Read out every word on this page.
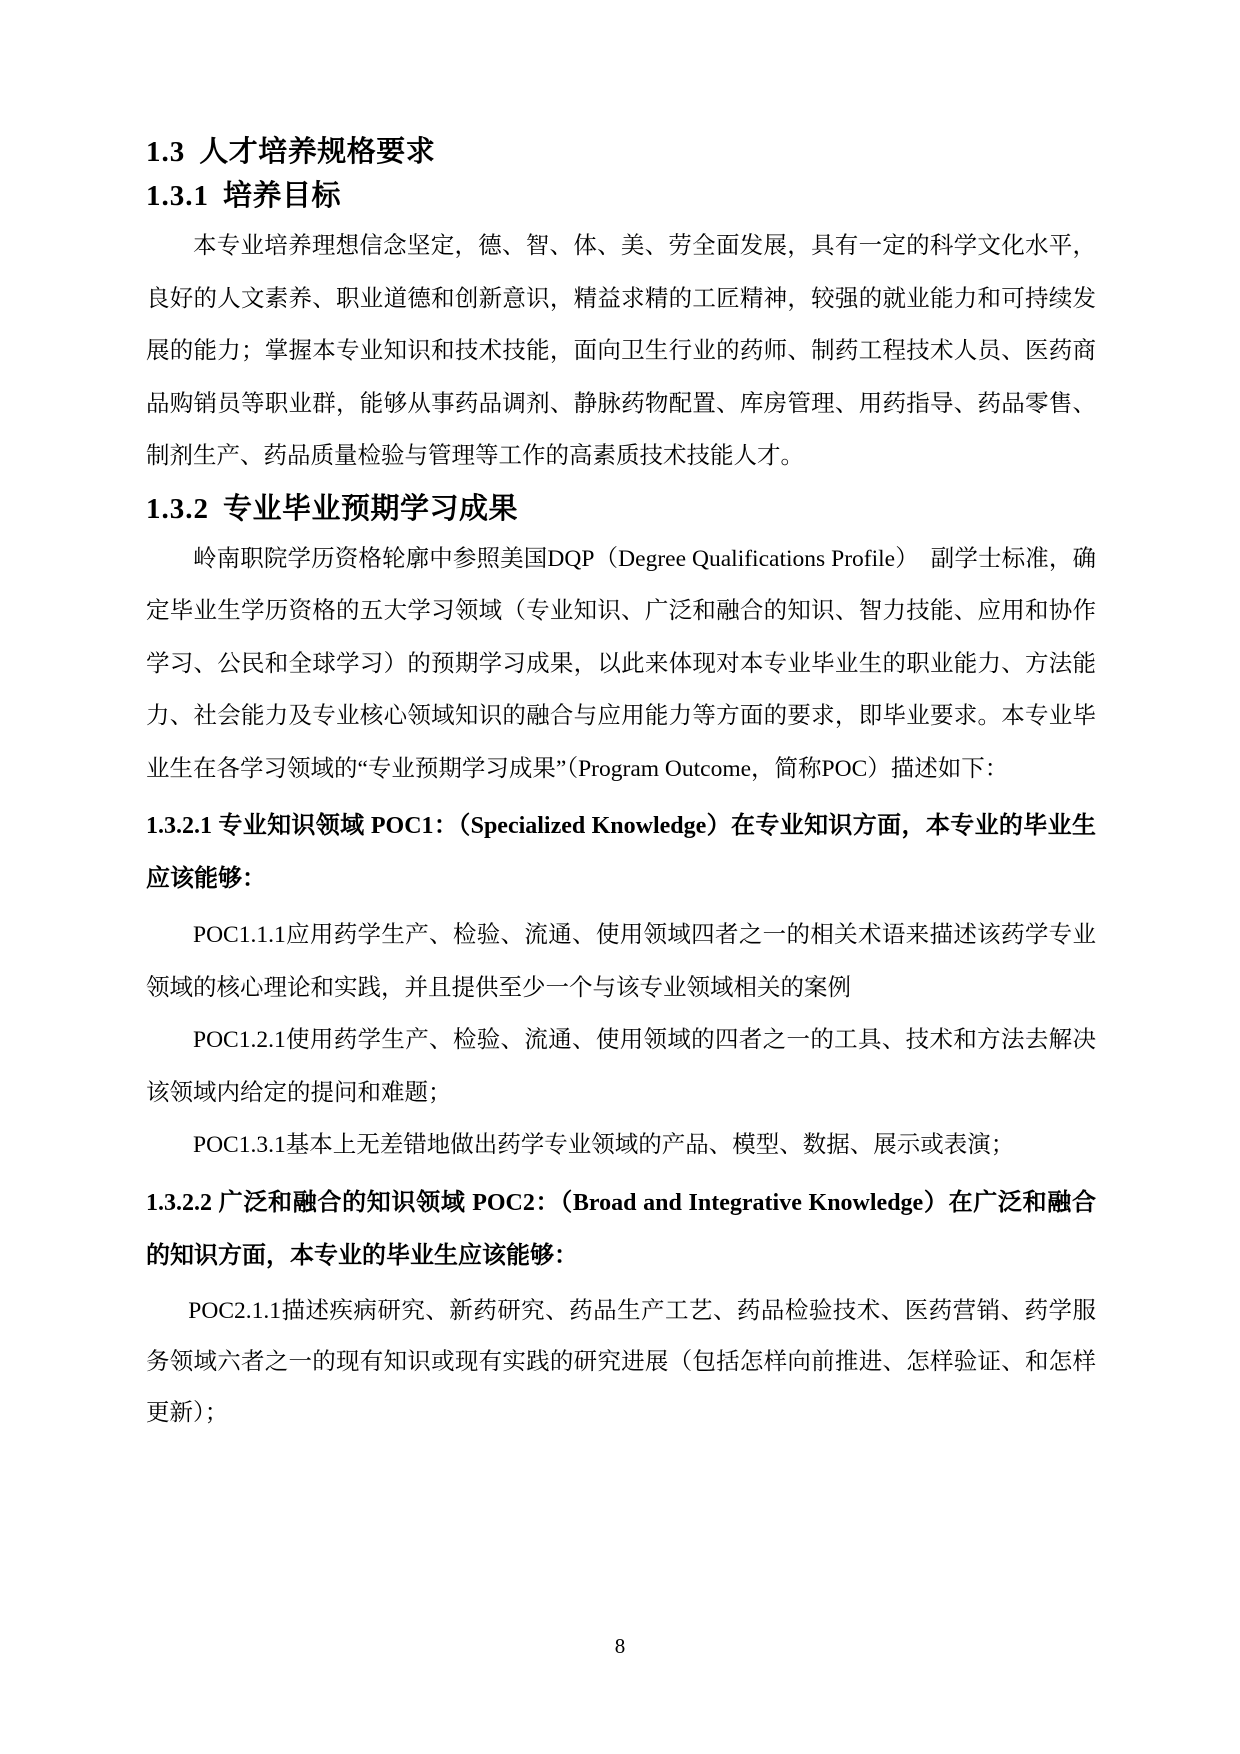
1.3 人才培养规格要求
1.3.1 培养目标

本专业培养理想信念坚定，德、智、体、美、劳全面发展，具有一定的科学文化水平，良好的人文素养、职业道德和创新意识，精益求精的工匠精神，较强的就业能力和可持续发展的能力；掌握本专业知识和技术技能，面向卫生行业的药师、制药工程技术人员、医药商品购销员等职业群，能够从事药品调剂、静脉药物配置、库房管理、用药指导、药品零售、制剂生产、药品质量检验与管理等工作的高素质技术技能人才。

1.3.2 专业毕业预期学习成果

岭南职院学历资格轮廓中参照美国DQP（Degree Qualifications Profile）　副学士标准，确定毕业生学历资格的五大学习领域（专业知识、广泛和融合的知识、智力技能、应用和协作学习、公民和全球学习）的预期学习成果，以此来体现对本专业毕业生的职业能力、方法能力、社会能力及专业核心领域知识的融合与应用能力等方面的要求，即毕业要求。本专业毕业生在各学习领域的“专业预期学习成果”（Program Outcome，简称POC）描述如下：

1.3.2.1 专业知识领域 POC1：（Specialized Knowledge）在专业知识方面，本专业的毕业生应该能够：

POC1.1.1应用药学生产、检验、流通、使用领域四者之一的相关术语来描述该药学专业领域的核心理论和实践，并且提供至少一个与该专业领域相关的案例

POC1.2.1使用药学生产、检验、流通、使用领域的四者之一的工具、技术和方法去解决该领域内给定的提问和难题；

POC1.3.1基本上无差错地做出药学专业领域的产品、模型、数据、展示或表演；

1.3.2.2 广泛和融合的知识领域 POC2：（Broad and Integrative Knowledge）在广泛和融合的知识方面，本专业的毕业生应该能够：

POC2.1.1描述疾病研究、新药研究、药品生产工艺、药品检验技术、医药营销、药学服务领域六者之一的现有知识或现有实践的研究进展（包括怎样向前推进、怎样验证、和怎样更新）；

8
